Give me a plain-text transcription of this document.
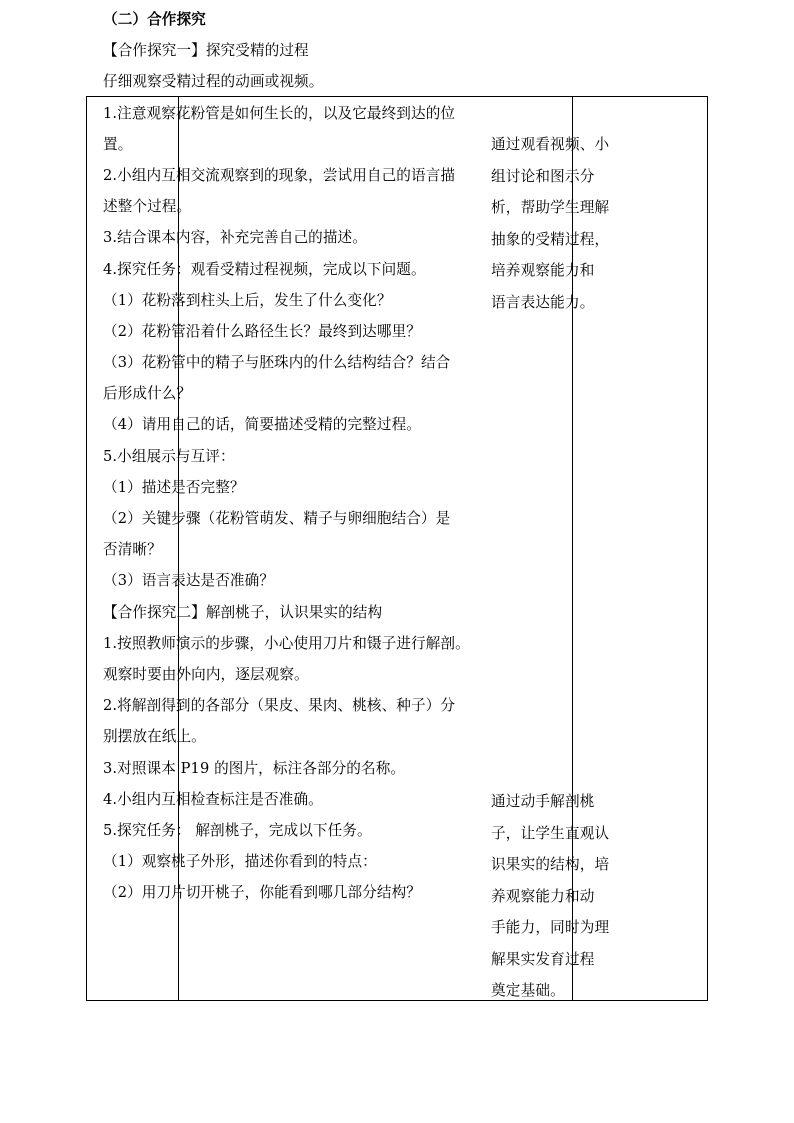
（二）合作探究
【合作探究一】探究受精的过程
仔细观察受精过程的动画或视频。
1.注意观察花粉管是如何生长的，以及它最终到达的位
置。
2.小组内互相交流观察到的现象，尝试用自己的语言描
述整个过程。
3.结合课本内容，补充完善自己的描述。
4.探究任务：观看受精过程视频，完成以下问题。
（1）花粉落到柱头上后，发生了什么变化？
（2）花粉管沿着什么路径生长？最终到达哪里？
（3）花粉管中的精子与胚珠内的什么结构结合？结合
后形成什么？
（4）请用自己的话，简要描述受精的完整过程。
5.小组展示与互评：
（1）描述是否完整？
（2）关键步骤（花粉管萌发、精子与卵细胞结合）是
否清晰？
（3）语言表达是否准确？
【合作探究二】解剖桃子，认识果实的结构
1.按照教师演示的步骤，小心使用刀片和镊子进行解剖。
观察时要由外向内，逐层观察。
2.将解剖得到的各部分（果皮、果肉、桃核、种子）分
别摆放在纸上。
3.对照课本 P19 的图片，标注各部分的名称。
4.小组内互相检查标注是否准确。
5.探究任务： 解剖桃子，完成以下任务。
（1）观察桃子外形，描述你看到的特点：
（2）用刀片切开桃子，你能看到哪几部分结构？
通过观看视频、小
组讨论和图示分
析，帮助学生理解
抽象的受精过程，
培养观察能力和
语言表达能力。
通过动手解剖桃
子，让学生直观认
识果实的结构，培
养观察能力和动
手能力，同时为理
解果实发育过程
奠定基础。
